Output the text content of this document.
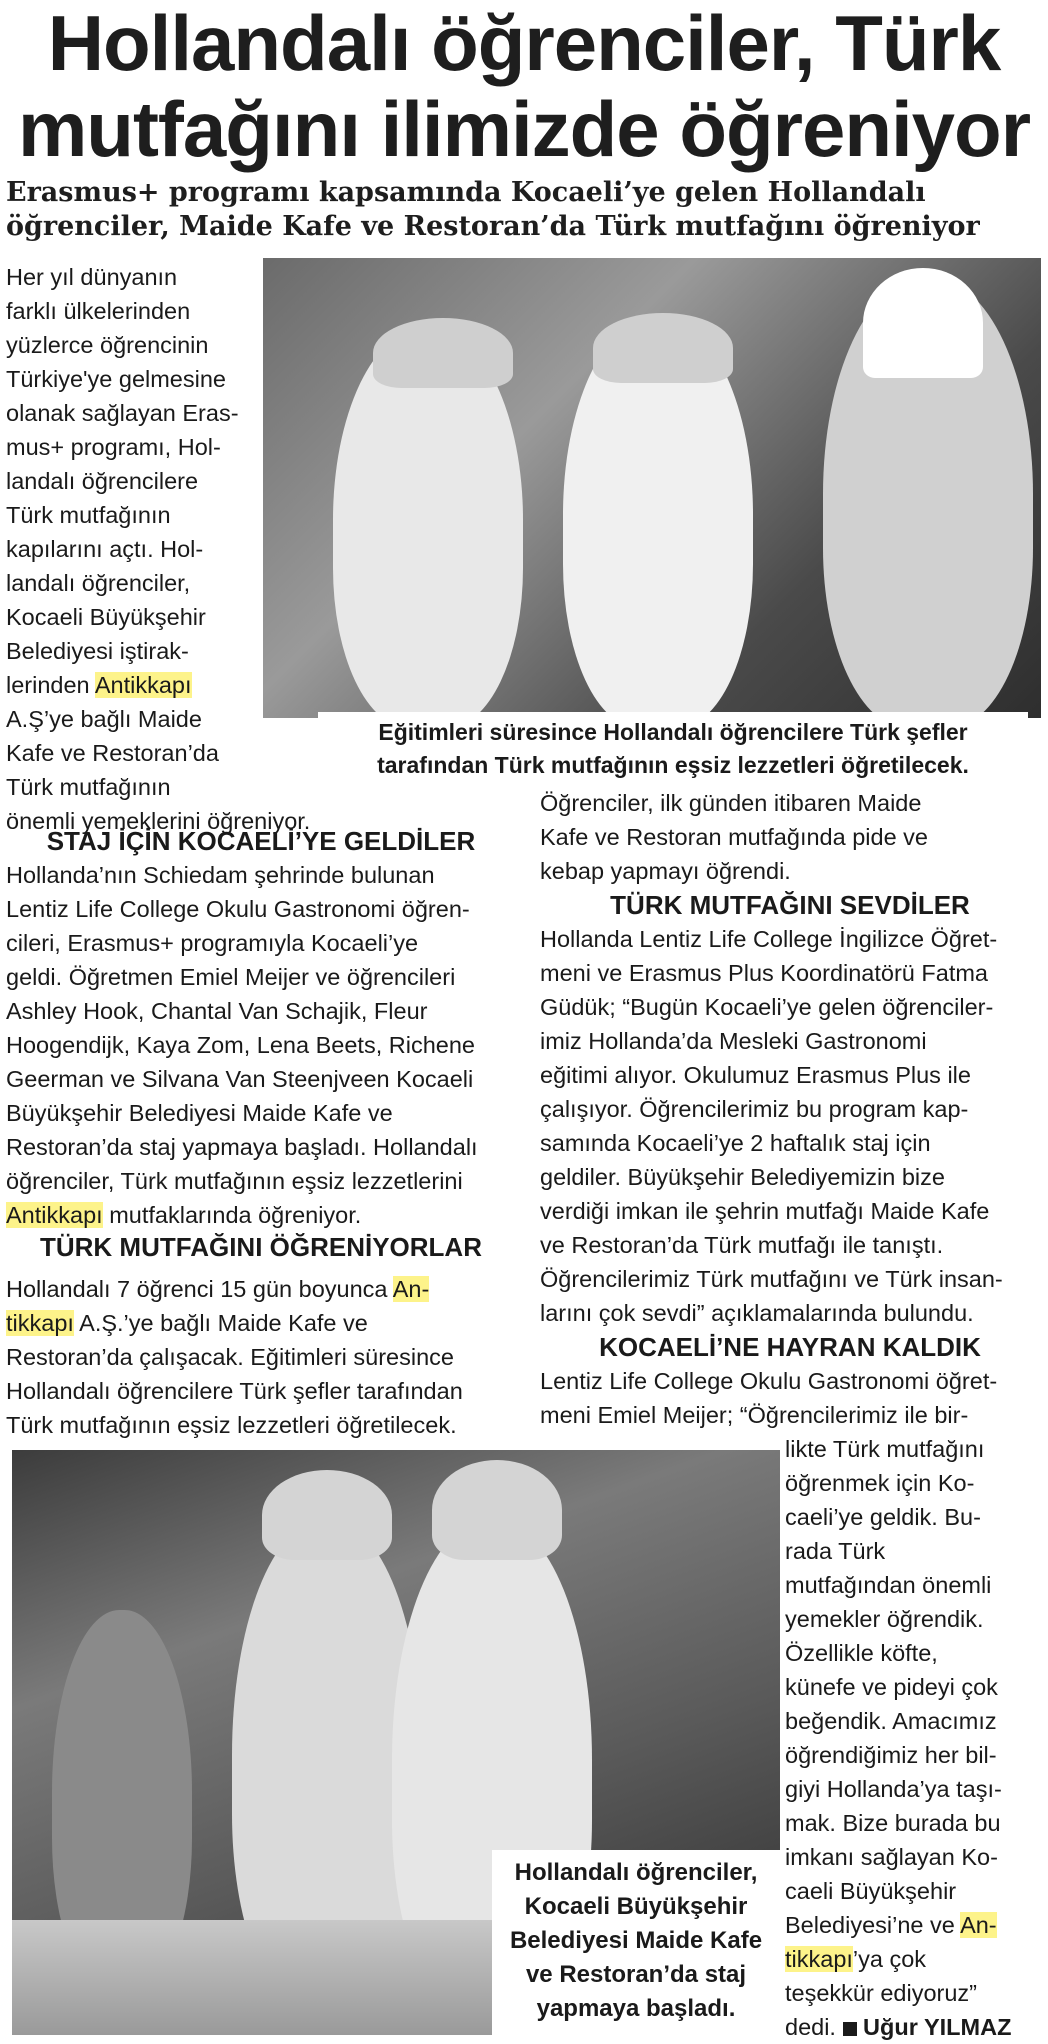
Hollandalı öğrenciler, Türk
mutfağını ilimizde öğreniyor
Erasmus+ programı kapsamında Kocaeli’ye gelen Hollandalı
öğrenciler, Maide Kafe ve Restoran’da Türk mutfağını öğreniyor

Her yıl dünyanın

farklı ülkelerinden

yüzlerce öğrencinin

Türkiye'ye gelmesine

olanak sağlayan Eras-

mus+ programı, Hol-

landalı öğrencilere

Türk mutfağının

kapılarını açtı. Hol-

landalı öğrenciler,

Kocaeli Büyükşehir

Belediyesi iştirak-

lerinden Antikkapı

A.Ş’ye bağlı Maide

Kafe ve Restoran’da

Türk mutfağının

önemli yemeklerini öğreniyor.

Eğitimleri süresince Hollandalı öğrencilere Türk şefler
tarafından Türk mutfağının eşsiz lezzetleri öğretilecek.
STAJ İÇİN KOCAELİ’YE GELDİLER

Hollanda’nın Schiedam şehrinde bulunan

Lentiz Life College Okulu Gastronomi öğren-

cileri, Erasmus+ programıyla Kocaeli’ye

geldi. Öğretmen Emiel Meijer ve öğrencileri

Ashley Hook, Chantal Van Schajik, Fleur

Hoogendijk, Kaya Zom, Lena Beets, Richene

Geerman ve Silvana Van Steenjveen Kocaeli

Büyükşehir Belediyesi Maide Kafe ve

Restoran’da staj yapmaya başladı. Hollandalı

öğrenciler, Türk mutfağının eşsiz lezzetlerini

Antikkapı mutfaklarında öğreniyor.

TÜRK MUTFAĞINI ÖĞRENİYORLAR

Hollandalı 7 öğrenci 15 gün boyunca An-

tikkapı A.Ş.’ye bağlı Maide Kafe ve

Restoran’da çalışacak. Eğitimleri süresince

Hollandalı öğrencilere Türk şefler tarafından

Türk mutfağının eşsiz lezzetleri öğretilecek.

Öğrenciler, ilk günden itibaren Maide

Kafe ve Restoran mutfağında pide ve

kebap yapmayı öğrendi.

TÜRK MUTFAĞINI SEVDİLER

Hollanda Lentiz Life College İngilizce Öğret-

meni ve Erasmus Plus Koordinatörü Fatma

Güdük; “Bugün Kocaeli’ye gelen öğrenciler-

imiz Hollanda’da Mesleki Gastronomi

eğitimi alıyor. Okulumuz Erasmus Plus ile

çalışıyor. Öğrencilerimiz bu program kap-

samında Kocaeli’ye 2 haftalık staj için

geldiler. Büyükşehir Belediyemizin bize

verdiği imkan ile şehrin mutfağı Maide Kafe

ve Restoran’da Türk mutfağı ile tanıştı.

Öğrencilerimiz Türk mutfağını ve Türk insan-

larını çok sevdi” açıklamalarında bulundu.

KOCAELİ’NE HAYRAN KALDIK

Lentiz Life College Okulu Gastronomi öğret-

meni Emiel Meijer; “Öğrencilerimiz ile bir-

likte Türk mutfağını

öğrenmek için Ko-

caeli’ye geldik. Bu-

rada Türk

mutfağından önemli

yemekler öğrendik.

Özellikle köfte,

künefe ve pideyi çok

beğendik. Amacımız

öğrendiğimiz her bil-

giyi Hollanda’ya taşı-

mak. Bize burada bu

imkanı sağlayan Ko-

caeli Büyükşehir

Belediyesi’ne ve An-

tikkapı’ya çok

teşekkür ediyoruz”

dedi. Uğur YILMAZ

Hollandalı öğrenciler,
Kocaeli Büyükşehir
Belediyesi Maide Kafe
ve Restoran’da staj
yapmaya başladı.
